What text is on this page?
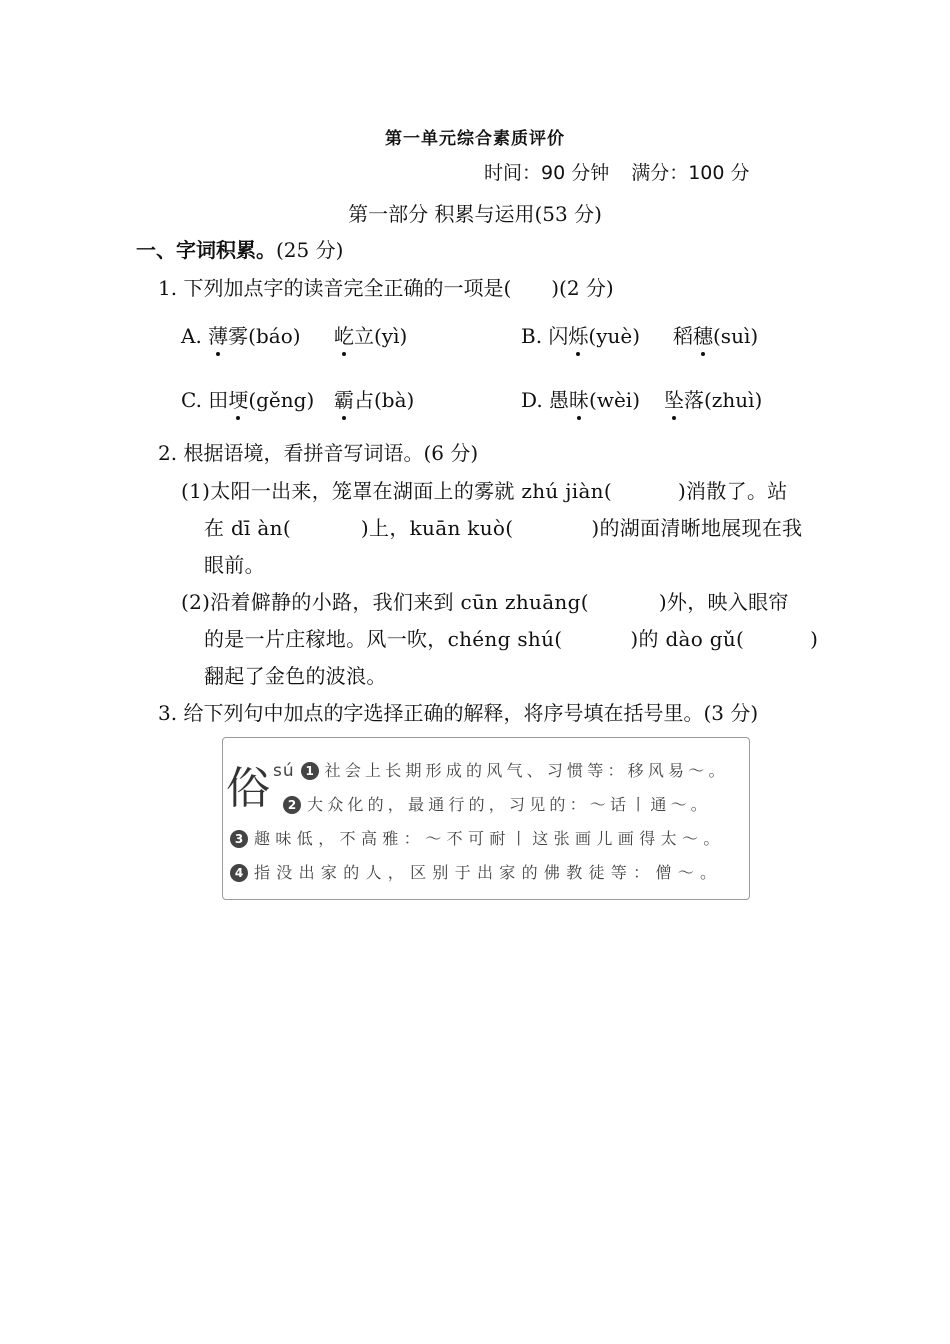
第一单元综合素质评价
时间：90 分钟 满分：100 分
第一部分 积累与运用(53 分)
一、字词积累。(25 分)
1. 下列加点字的读音完全正确的一项是(　　)(2 分)
A. 薄雾(báo) 屹立(yì)	B. 闪烁(yuè) 稻穗(suì)
C. 田埂(gěng) 霸占(bà)	D. 愚昧(wèi) 坠落(zhuì)
2. 根据语境，看拼音写词语。(6 分)
(1)太阳一出来，笼罩在湖面上的雾就 zhú jiàn(	)消散了。站
在 dī àn(	)上，kuān kuò(	)的湖面清晰地展现在我
眼前。
(2)沿着僻静的小路，我们来到 cūn zhuāng(	)外，映入眼帘
的是一片庄稼地。风一吹，chéng shú(	)的 dào gǔ(	)
翻起了金色的波浪。
3. 给下列句中加点的字选择正确的解释，将序号填在括号里。(3 分)
俗 sú 1 社会上长期形成的风气、习惯等：移风易～。
2 大众化的，最通行的，习见的：～话丨通～。
3 趣味低，不高雅：～不可耐丨这张画儿画得太～。
4 指没出家的人，区别于出家的佛教徒等：僧～。
